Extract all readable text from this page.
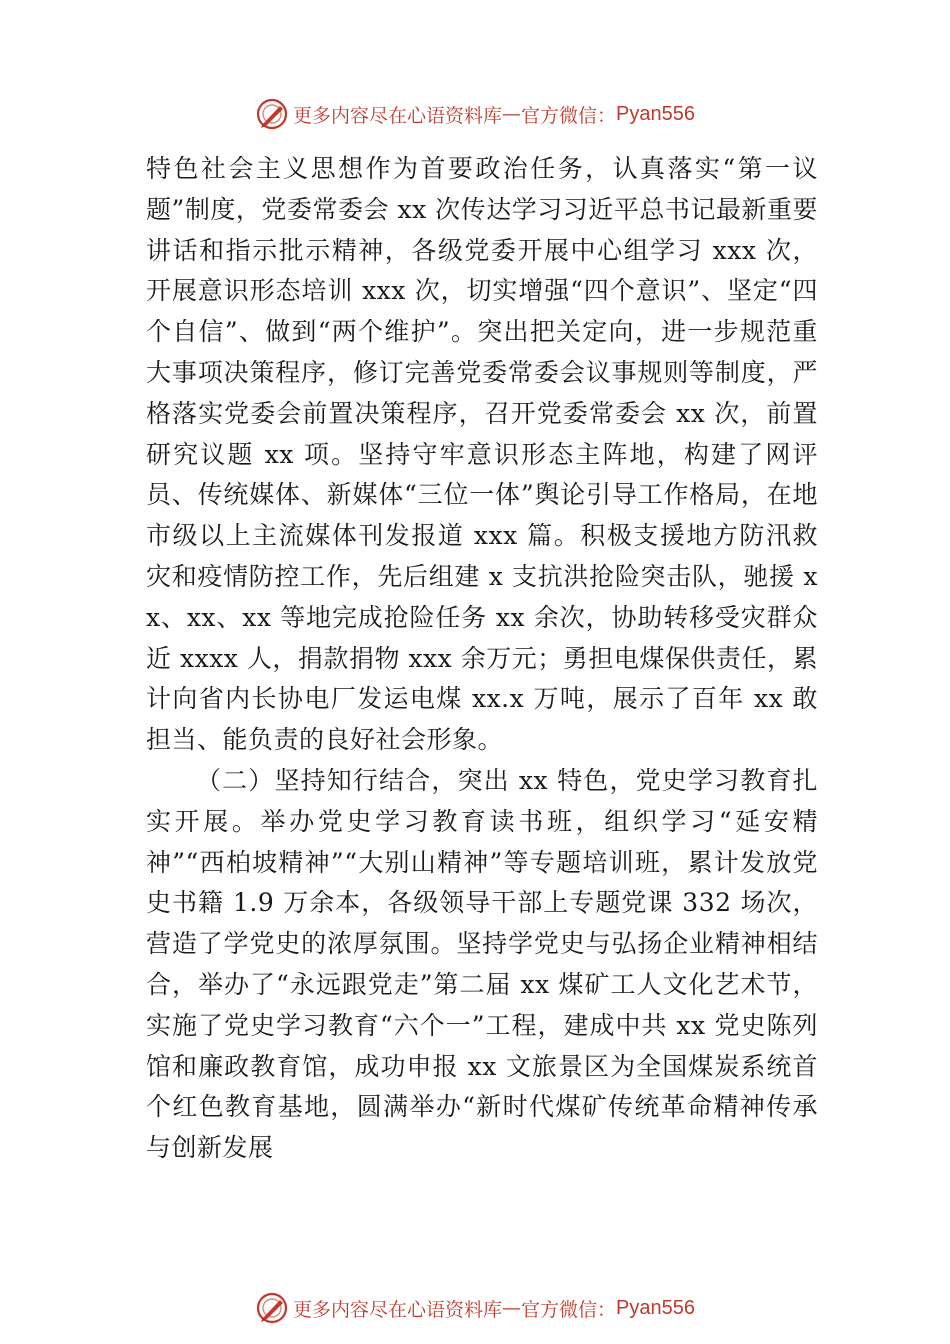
更多内容尽在心语资料库 — 官方微信： Pyan556

特色社会主义思想作为首要政治任务，认真落实“第一议题”制度，党委常委会 xx 次传达学习习近平总书记最新重要讲话和指示批示精神，各级党委开展中心组学习 xxx 次，开展意识形态培训 xxx 次，切实增强“四个意识”、坚定“四个自信”、做到“两个维护”。突出把关定向，进一步规范重大事项决策程序，修订完善党委常委会议事规则等制度，严格落实党委会前置决策程序，召开党委常委会 xx 次，前置研究议题 xx 项。坚持守牢意识形态主阵地，构建了网评员、传统媒体、新媒体“三位一体”舆论引导工作格局，在地市级以上主流媒体刊发报道 xxx 篇。积极支援地方防汛救灾和疫情防控工作，先后组建 x 支抗洪抢险突击队，驰援 xx、xx、xx 等地完成抢险任务 xx 余次，协助转移受灾群众近 xxxx 人，捐款捐物 xxx 余万元；勇担电煤保供责任，累计向省内长协电厂发运电煤 xx.x 万吨，展示了百年 xx 敢担当、能负责的良好社会形象。

（二）坚持知行结合，突出 xx 特色，党史学习教育扎实开展。举办党史学习教育读书班，组织学习“延安精神”“西柏坡精神”“大别山精神”等专题培训班，累计发放党史书籍 1.9 万余本，各级领导干部上专题党课 332 场次，营造了学党史的浓厚氛围。坚持学党史与弘扬企业精神相结合，举办了“永远跟党走”第二届 xx 煤矿工人文化艺术节，实施了党史学习教育“六个一”工程，建成中共 xx 党史陈列馆和廉政教育馆，成功申报 xx 文旅景区为全国煤炭系统首个红色教育基地，圆满举办“新时代煤矿传统革命精神传承与创新发展

更多内容尽在心语资料库 — 官方微信： Pyan556
